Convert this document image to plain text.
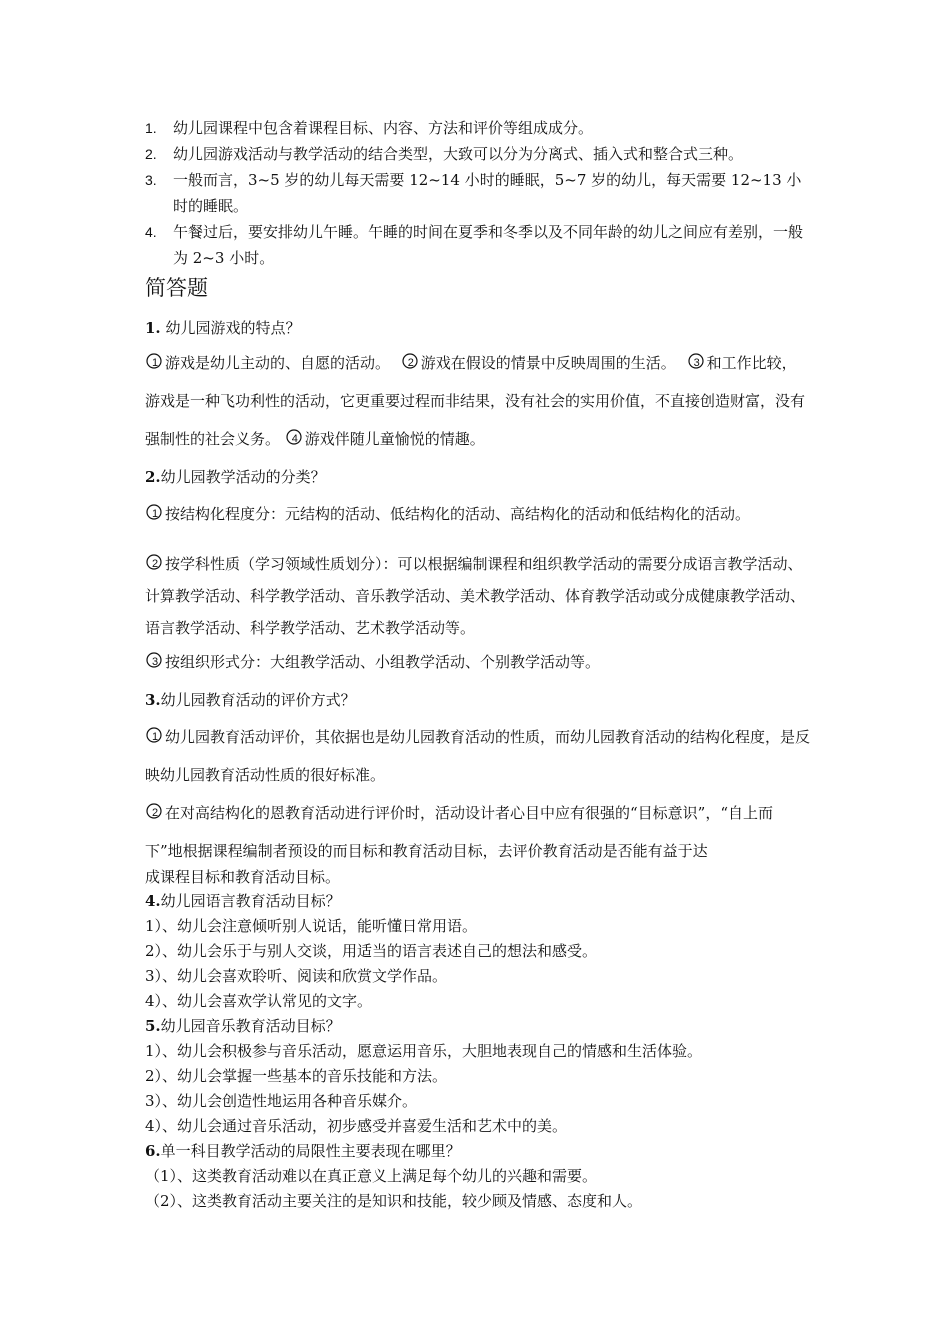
1. 幼儿园课程中包含着课程目标、内容、方法和评价等组成成分。
2. 幼儿园游戏活动与教学活动的结合类型，大致可以分为分离式、插入式和整合式三种。
3. 一般而言，3~5 岁的幼儿每天需要 12~14 小时的睡眠，5~7 岁的幼儿，每天需要 12~13 小时的睡眠。
4. 午餐过后，要安排幼儿午睡。午睡的时间在夏季和冬季以及不同年龄的幼儿之间应有差别，一般为 2~3 小时。
简答题
1. 幼儿园游戏的特点？
1 游戏是幼儿主动的、自愿的活动。 2 游戏在假设的情景中反映周围的生活。 3 和工作比较，游戏是一种飞功利性的活动，它更重要过程而非结果，没有社会的实用价值，不直接创造财富，没有强制性的社会义务。 4 游戏伴随儿童愉悦的情趣。
2.幼儿园教学活动的分类？
1 按结构化程度分：元结构的活动、低结构化的活动、高结构化的活动和低结构化的活动。
2 按学科性质（学习领域性质划分）：可以根据编制课程和组织教学活动的需要分成语言教学活动、计算教学活动、科学教学活动、音乐教学活动、美术教学活动、体育教学活动或分成健康教学活动、语言教学活动、科学教学活动、艺术教学活动等。
3 按组织形式分：大组教学活动、小组教学活动、个别教学活动等。
3.幼儿园教育活动的评价方式？
1 幼儿园教育活动评价，其依据也是幼儿园教育活动的性质，而幼儿园教育活动的结构化程度，是反映幼儿园教育活动性质的很好标准。
2 在对高结构化的恩教育活动进行评价时，活动设计者心目中应有很强的“目标意识”，“自上而下”地根据课程编制者预设的而目标和教育活动目标，去评价教育活动是否能有益于达
成课程目标和教育活动目标。
4.幼儿园语言教育活动目标？
1）、幼儿会注意倾听别人说话，能听懂日常用语。
2）、幼儿会乐于与别人交谈，用适当的语言表述自己的想法和感受。
3）、幼儿会喜欢聆听、阅读和欣赏文学作品。
4）、幼儿会喜欢学认常见的文字。
5.幼儿园音乐教育活动目标？
1）、幼儿会积极参与音乐活动，愿意运用音乐，大胆地表现自己的情感和生活体验。
2）、幼儿会掌握一些基本的音乐技能和方法。
3）、幼儿会创造性地运用各种音乐媒介。
4）、幼儿会通过音乐活动，初步感受并喜爱生活和艺术中的美。
6.单一科目教学活动的局限性主要表现在哪里？
（1）、这类教育活动难以在真正意义上满足每个幼儿的兴趣和需要。
（2）、这类教育活动主要关注的是知识和技能，较少顾及情感、态度和人。
